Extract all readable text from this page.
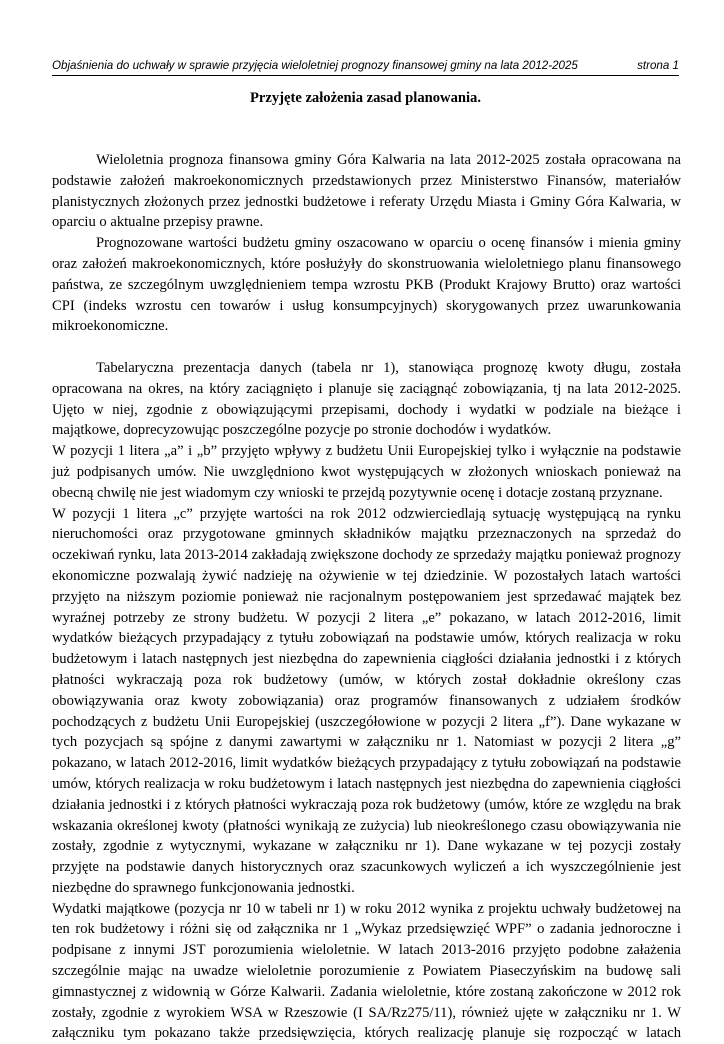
Objaśnienia do uchwały w sprawie przyjęcia wieloletniej prognozy finansowej gminy na lata 2012-2025	strona 1
Przyjęte założenia zasad planowania.

Wieloletnia prognoza finansowa gminy Góra Kalwaria na lata 2012-2025 została opracowana na podstawie założeń makroekonomicznych przedstawionych przez Ministerstwo Finansów, materiałów planistycznych złożonych przez jednostki budżetowe i referaty Urzędu Miasta i Gminy Góra Kalwaria, w oparciu o aktualne przepisy prawne.

Prognozowane wartości budżetu gminy oszacowano w oparciu o ocenę finansów i mienia gminy oraz założeń makroekonomicznych, które posłużyły do skonstruowania wieloletniego planu finansowego państwa, ze szczególnym uwzględnieniem tempa wzrostu PKB (Produkt Krajowy Brutto) oraz wartości CPI (indeks wzrostu cen towarów i usług konsumpcyjnych) skorygowanych przez uwarunkowania mikroekonomiczne.

Tabelaryczna prezentacja danych (tabela nr 1), stanowiąca prognozę kwoty długu, została opracowana na okres, na który zaciągnięto i planuje się zaciągnąć zobowiązania, tj na lata 2012-2025. Ujęto w niej, zgodnie z obowiązującymi przepisami, dochody i wydatki w podziale na bieżące i majątkowe, doprecyzowując poszczególne pozycje po stronie dochodów i wydatków.

W pozycji 1 litera „a” i „b” przyjęto wpływy z budżetu Unii Europejskiej tylko i wyłącznie na podstawie już podpisanych umów. Nie uwzględniono kwot występujących w złożonych wnioskach ponieważ na obecną chwilę nie jest wiadomym czy wnioski te przejdą pozytywnie ocenę i dotacje zostaną przyznane.

W pozycji 1 litera „c” przyjęte wartości na rok 2012 odzwierciedlają sytuację występującą na rynku nieruchomości oraz przygotowane gminnych składników majątku przeznaczonych na sprzedaż do oczekiwań rynku, lata 2013-2014 zakładają zwiększone dochody ze sprzedaży majątku ponieważ prognozy ekonomiczne pozwalają żywić nadzieję na ożywienie w tej dziedzinie. W pozostałych latach wartości przyjęto na niższym poziomie ponieważ nie racjonalnym postępowaniem jest sprzedawać majątek bez wyraźnej potrzeby ze strony budżetu. W pozycji 2 litera „e” pokazano, w latach 2012-2016, limit wydatków bieżących przypadający z tytułu zobowiązań na podstawie umów, których realizacja w roku budżetowym i latach następnych jest niezbędna do zapewnienia ciągłości działania jednostki i z których płatności wykraczają poza rok budżetowy (umów, w których został dokładnie określony czas obowiązywania oraz kwoty zobowiązania) oraz programów finansowanych z udziałem środków pochodzących z budżetu Unii Europejskiej (uszczegółowione w pozycji 2 litera „f”). Dane wykazane w tych pozycjach są spójne z danymi zawartymi w załączniku nr 1. Natomiast w pozycji 2 litera „g” pokazano, w latach 2012-2016, limit wydatków bieżących przypadający z tytułu zobowiązań na podstawie umów, których realizacja w roku budżetowym i latach następnych jest niezbędna do zapewnienia ciągłości działania jednostki i z których płatności wykraczają poza rok budżetowy (umów, które ze względu na brak wskazania określonej kwoty (płatności wynikają ze zużycia) lub nieokreślonego czasu obowiązywania nie zostały, zgodnie z wytycznymi, wykazane w załączniku nr 1). Dane wykazane w tej pozycji zostały przyjęte na podstawie danych historycznych oraz szacunkowych wyliczeń a ich wyszczególnienie jest niezbędne do sprawnego funkcjonowania jednostki.

Wydatki majątkowe (pozycja nr 10 w tabeli nr 1) w roku 2012 wynika z projektu uchwały budżetowej na ten rok budżetowy i różni się od załącznika nr 1 „Wykaz przedsięwzięć WPF” o zadania jednoroczne i podpisane z innymi JST porozumienia wieloletnie. W latach 2013-2016 przyjęto podobne załażenia szczególnie mając na uwadze wieloletnie porozumienie z Powiatem Piaseczyńskim na budowę sali gimnastycznej z widownią w Górze Kalwarii. Zadania wieloletnie, które zostaną zakończone w 2012 rok zostały, zgodnie z wyrokiem WSA w Rzeszowie (I SA/Rz275/11), również ujęte w załączniku nr 1. W załączniku tym pokazano także przedsięwzięcia, których realizację planuje się rozpocząć w latach
